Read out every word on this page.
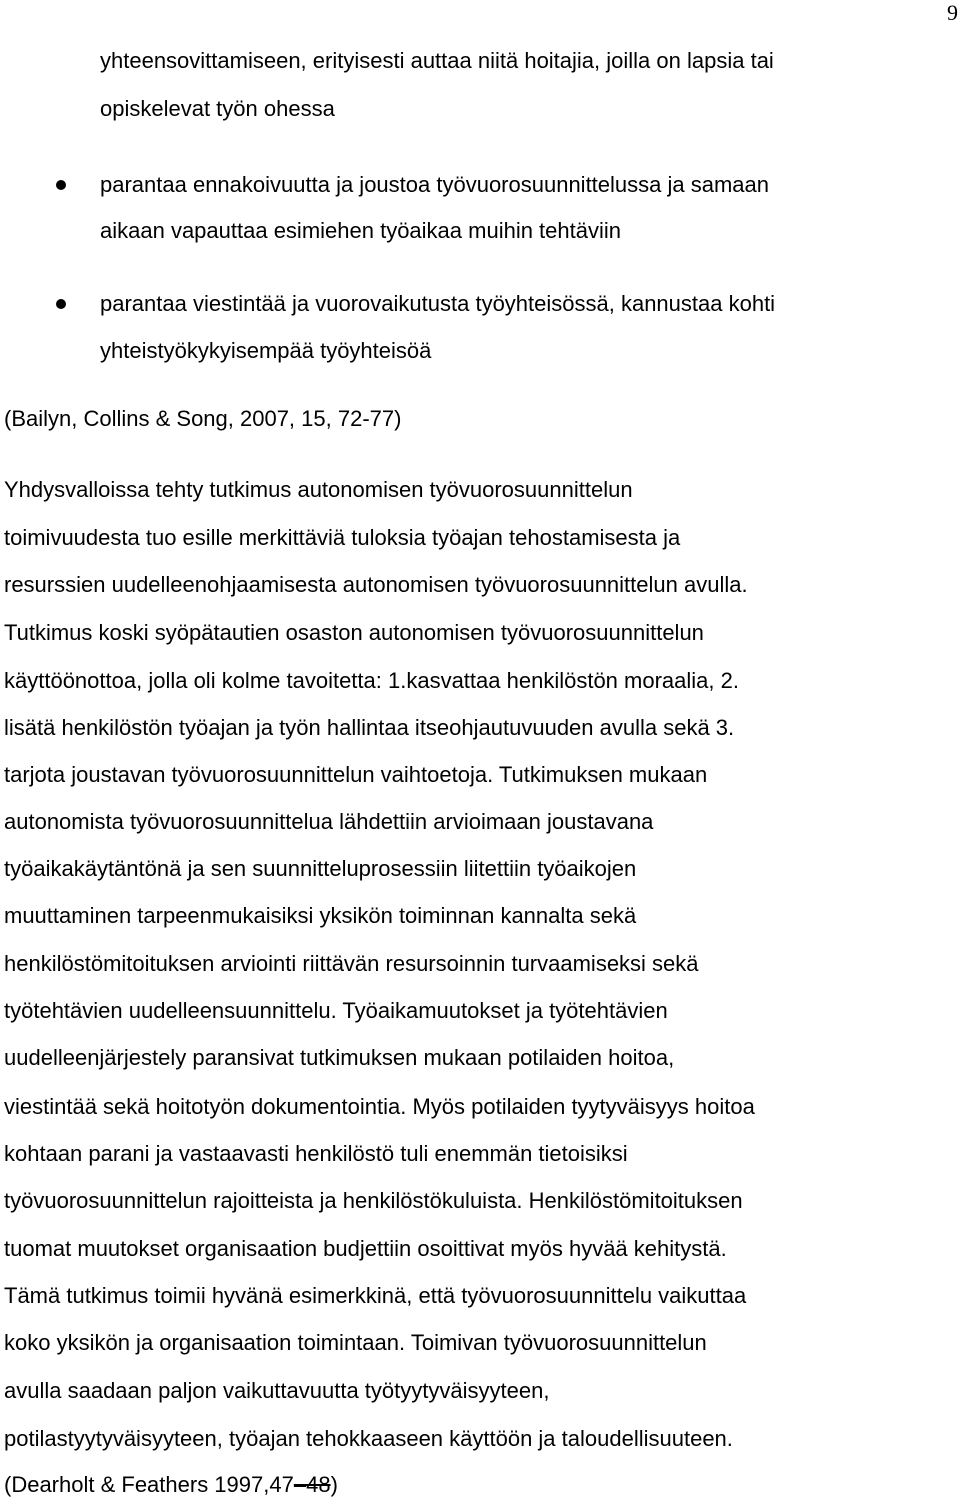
9
yhteensovittamiseen, erityisesti auttaa niitä hoitajia, joilla on lapsia tai
opiskelevat työn ohessa
parantaa ennakoivuutta ja joustoa työvuorosuunnittelussa ja samaan
aikaan vapauttaa esimiehen työaikaa muihin tehtäviin
parantaa viestintää ja vuorovaikutusta työyhteisössä, kannustaa kohti
yhteistyökykyisempää työyhteisöä
(Bailyn, Collins & Song, 2007, 15, 72-77)
Yhdysvalloissa tehty tutkimus autonomisen työvuorosuunnittelun
toimivuudesta tuo esille merkittäviä tuloksia työajan tehostamisesta ja
resurssien uudelleenohjaamisesta autonomisen työvuorosuunnittelun avulla.
Tutkimus koski syöpätautien osaston autonomisen työvuorosuunnittelun
käyttöönottoa, jolla oli kolme tavoitetta: 1.kasvattaa henkilöstön moraalia, 2.
lisätä henkilöstön työajan ja työn hallintaa itseohjautuvuuden avulla sekä 3.
tarjota joustavan työvuorosuunnittelun vaihtoetoja. Tutkimuksen mukaan
autonomista työvuorosuunnittelua lähdettiin arvioimaan joustavana
työaikakäytäntönä ja sen suunnitteluprosessiin liitettiin työaikojen
muuttaminen tarpeenmukaisiksi yksikön toiminnan kannalta sekä
henkilöstömitoituksen arviointi riittävän resursoinnin turvaamiseksi sekä
työtehtävien uudelleensuunnittelu. Työaikamuutokset ja työtehtävien
uudelleenjärjestely paransivat tutkimuksen mukaan potilaiden hoitoa,
viestintää sekä hoitotyön dokumentointia. Myös potilaiden tyytyväisyys hoitoa
kohtaan parani ja vastaavasti henkilöstö tuli enemmän tietoisiksi
työvuorosuunnittelun rajoitteista ja henkilöstökuluista. Henkilöstömitoituksen
tuomat muutokset organisaation budjettiin osoittivat myös hyvää kehitystä.
Tämä tutkimus toimii hyvänä esimerkkinä, että työvuorosuunnittelu vaikuttaa
koko yksikön ja organisaation toimintaan. Toimivan työvuorosuunnittelun
avulla saadaan paljon vaikuttavuutta työtyytyväisyyteen,
potilastyytyväisyyteen, työajan tehokkaaseen käyttöön ja taloudellisuuteen.
(Dearholt & Feathers 1997,47–48)
